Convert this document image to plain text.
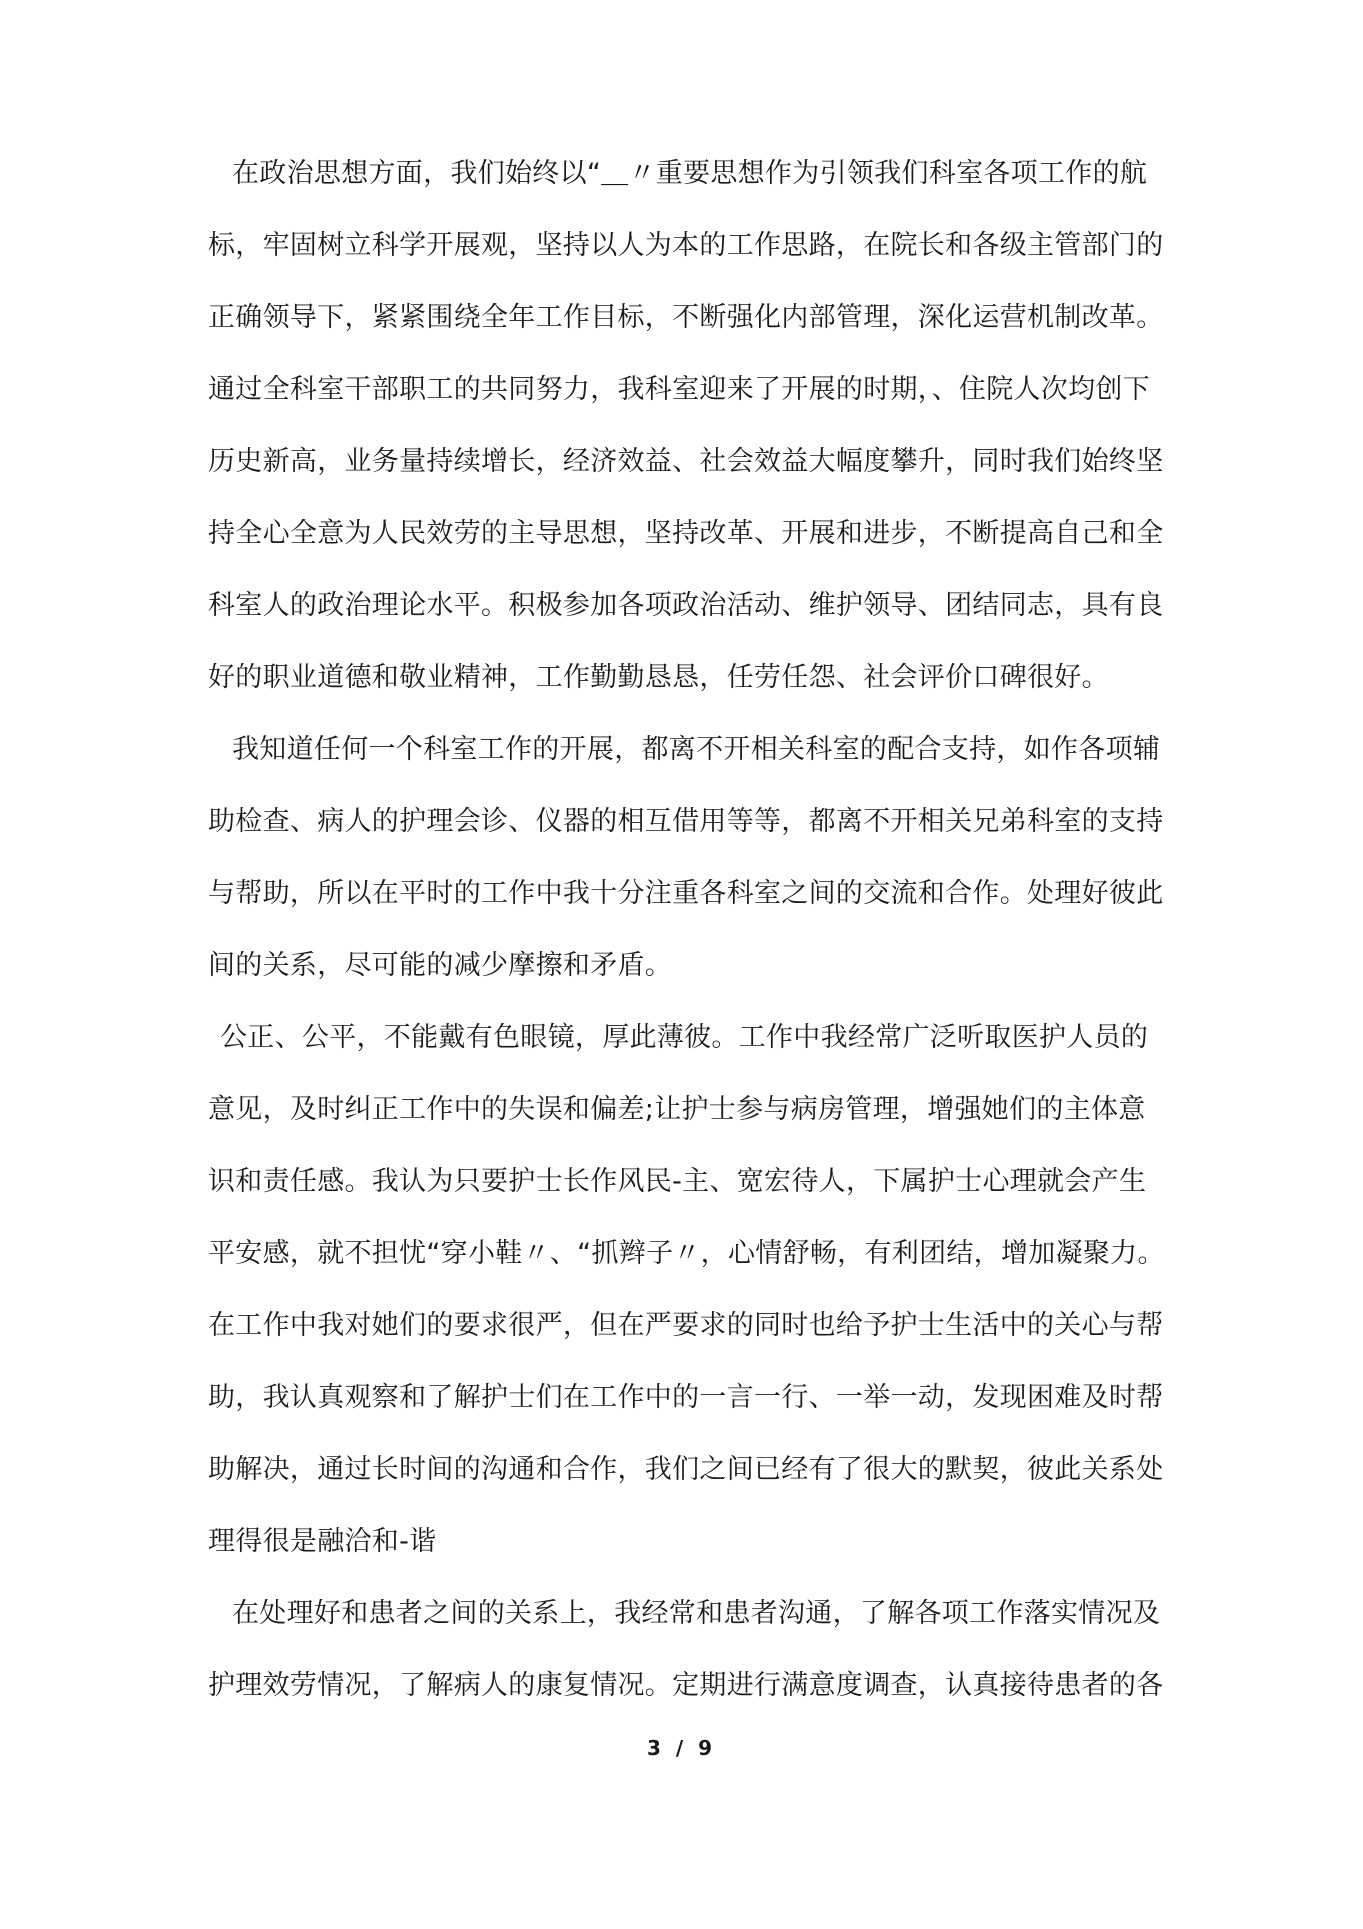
在政治思想方面，我们始终以“＿〃重要思想作为引领我们科室各项工作的航
标，牢固树立科学开展观，坚持以人为本的工作思路，在院长和各级主管部门的
正确领导下，紧紧围绕全年工作目标，不断强化内部管理，深化运营机制改革。
通过全科室干部职工的共同努力，我科室迎来了开展的时期，、住院人次均创下
历史新高，业务量持续增长，经济效益、社会效益大幅度攀升，同时我们始终坚
持全心全意为人民效劳的主导思想，坚持改革、开展和进步，不断提高自己和全
科室人的政治理论水平。积极参加各项政治活动、维护领导、团结同志，具有良
好的职业道德和敬业精神，工作勤勤恳恳，任劳任怨、社会评价口碑很好。
我知道任何一个科室工作的开展，都离不开相关科室的配合支持，如作各项辅
助检查、病人的护理会诊、仪器的相互借用等等，都离不开相关兄弟科室的支持
与帮助，所以在平时的工作中我十分注重各科室之间的交流和合作。处理好彼此
间的关系，尽可能的减少摩擦和矛盾。
公正、公平，不能戴有色眼镜，厚此薄彼。工作中我经常广泛听取医护人员的
意见，及时纠正工作中的失误和偏差;让护士参与病房管理，增强她们的主体意
识和责任感。我认为只要护士长作风民-主、宽宏待人，下属护士心理就会产生
平安感，就不担忧“穿小鞋〃、“抓辫子〃，心情舒畅，有利团结，增加凝聚力。
在工作中我对她们的要求很严，但在严要求的同时也给予护士生活中的关心与帮
助，我认真观察和了解护士们在工作中的一言一行、一举一动，发现困难及时帮
助解决，通过长时间的沟通和合作，我们之间已经有了很大的默契，彼此关系处
理得很是融洽和-谐
在处理好和患者之间的关系上，我经常和患者沟通，了解各项工作落实情况及
护理效劳情况，了解病人的康复情况。定期进行满意度调查，认真接待患者的各
3 / 9
